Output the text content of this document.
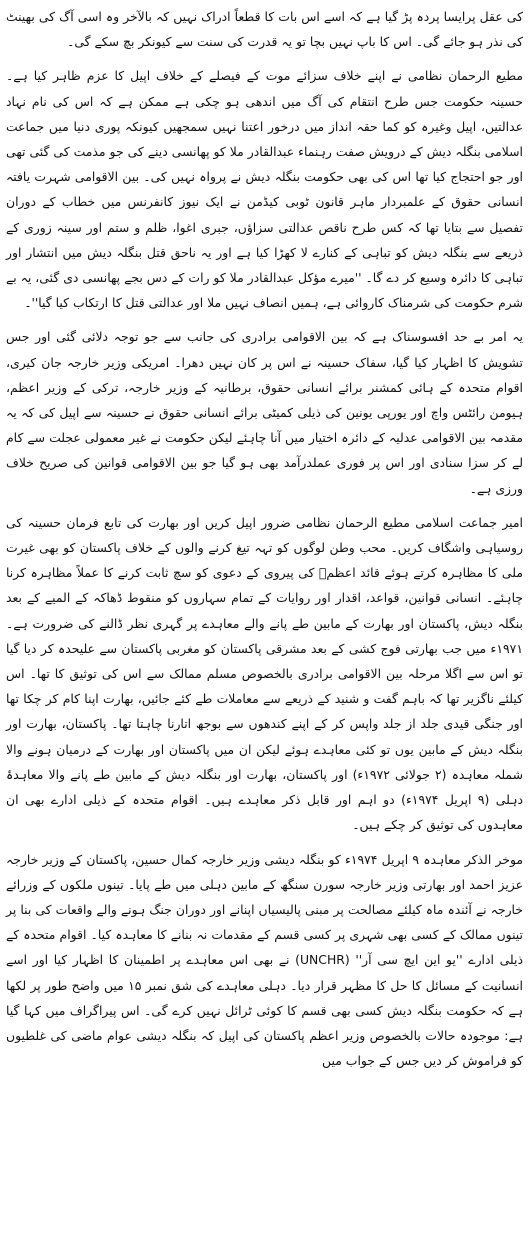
کی عقل پرایسا پردہ پڑ گیا ہے کہ اسے اس بات کا قطعاً ادراک نہیں کہ بالآخر وہ اسی آگ کی بھینٹ کی نذر ہو جائے گی۔ اس کا باپ نہیں بچا تو یہ قدرت کی سنت سے کیونکر بچ سکے گی۔

مطیع الرحمان نظامی نے اپنے خلاف سزائے موت کے فیصلے کے خلاف اپیل کا عزم ظاہر کیا ہے۔ حسینہ حکومت جس طرح انتقام کی آگ میں اندھی ہو چکی ہے ممکن ہے کہ اس کی نام نہاد عدالتیں، اپیل وغیرہ کو کما حقہ انداز میں درخور اعتنا نہیں سمجھیں کیونکہ پوری دنیا میں جماعت اسلامی بنگلہ دیش کے درویش صفت رہنماء عبدالقادر ملا کو پھانسی دینے کی جو مذمت کی گئی تھی اور جو احتجاج کیا تھا اس کی بھی حکومت بنگلہ دیش نے پرواہ نہیں کی۔ بین الاقوامی شہرت یافتہ انسانی حقوق کے علمبردار ماہر قانون ٹوبی کیڈمن نے ایک نیوز کانفرنس میں خطاب کے دوران تفصیل سے بتایا تھا کہ کس طرح ناقص عدالتی سزاؤں، جبری اغوا، ظلم و ستم اور سینہ زوری کے ذریعے سے بنگلہ دیش کو تباہی کے کنارے لا کھڑا کیا ہے اور یہ ناحق قتل بنگلہ دیش میں انتشار اور تباہی کا دائرہ وسیع کر دے گا۔ ''میرے مؤکل عبدالقادر ملا کو رات کے دس بجے پھانسی دی گئی، یہ بے شرم حکومت کی شرمناک کاروائی ہے، ہمیں انصاف نہیں ملا اور عدالتی قتل کا ارتکاب کیا گیا''۔

یہ امر بے حد افسوسناک ہے کہ بین الاقوامی برادری کی جانب سے جو توجہ دلائی گئی اور جس تشویش کا اظہار کیا گیا، سفاک حسینہ نے اس پر کان نہیں دھرا۔ امریکی وزیر خارجہ جان کیری، اقوام متحدہ کے ہائی کمشنر برائے انسانی حقوق، برطانیہ کے وزیر خارجہ، ترکی کے وزیر اعظم، ہیومن رائٹس واچ اور یورپی یونین کی ذیلی کمیٹی برائے انسانی حقوق نے حسینہ سے اپیل کی کہ یہ مقدمہ بین الاقوامی عدلیہ کے دائرہ اختیار میں آنا چاہئے لیکن حکومت نے غیر معمولی عجلت سے کام لے کر سزا سنادی اور اس پر فوری عملدرآمد بھی ہو گیا جو بین الاقوامی قوانین کی صریح خلاف ورزی ہے۔

امیر جماعت اسلامی مطیع الرحمان نظامی ضرور اپیل کریں اور بھارت کی تابع فرمان حسینہ کی روسیاہی واشگاف کریں۔ محب وطن لوگوں کو تہہ تیغ کرنے والوں کے خلاف پاکستان کو بھی غیرت ملی کا مظاہرہ کرتے ہوئے قائد اعظمؒ کی پیروی کے دعوی کو سچ ثابت کرنے کا عملاً مظاہرہ کرنا چاہئے۔ انسانی قوانین، قواعد، اقدار اور روایات کے تمام سہاروں کو منقوط ڈھاکہ کے المیے کے بعد بنگلہ دیش، پاکستان اور بھارت کے مابین طے پانے والے معاہدے پر گہری نظر ڈالنے کی ضرورت ہے۔ ۱۹۷۱ء میں جب بھارتی فوج کشی کے بعد مشرقی پاکستان کو مغربی پاکستان سے علیحدہ کر دیا گیا تو اس سے اگلا مرحلہ بین الاقوامی برادری بالخصوص مسلم ممالک سے اس کی توثیق کا تھا۔ اس کیلئے ناگزیر تھا کہ باہم گفت و شنید کے ذریعے سے معاملات طے کئے جائیں، بھارت اپنا کام کر چکا تھا اور جنگی قیدی جلد از جلد واپس کر کے اپنے کندھوں سے بوجھ اتارنا چاہتا تھا۔ پاکستان، بھارت اور بنگلہ دیش کے مابین یوں تو کئی معاہدے ہوئے لیکن ان میں پاکستان اور بھارت کے درمیان ہونے والا شملہ معاہدہ (۲ جولائی ۱۹۷۲ء) اور پاکستان، بھارت اور بنگلہ دیش کے مابین طے پانے والا معاہدۂ دہلی (۹ اپریل ۱۹۷۴ء) دو اہم اور قابل ذکر معاہدے ہیں۔ اقوام متحدہ کے ذیلی ادارے بھی ان معاہدوں کی توثیق کر چکے ہیں۔

موخر الذکر معاہدہ ۹ اپریل ۱۹۷۴ء کو بنگلہ دیشی وزیر خارجہ کمال حسین، پاکستان کے وزیر خارجہ عزیز احمد اور بھارتی وزیر خارجہ سورن سنگھ کے مابین دہلی میں طے پایا۔ تینوں ملکوں کے وزرائے خارجہ نے آئندہ ماہ کیلئے مصالحت پر مبنی پالیسیاں اپنانے اور دوران جنگ ہونے والے واقعات کی بنا پر تینوں ممالک کے کسی بھی شہری پر کسی قسم کے مقدمات نہ بنانے کا معاہدہ کیا۔ اقوام متحدہ کے ذیلی ادارے ''یو این ایچ سی آر'' (UNCHR) نے بھی اس معاہدے پر اطمینان کا اظہار کیا اور اسے انسانیت کے مسائل کا حل کا مظہر قرار دیا۔ دہلی معاہدے کی شق نمبر ۱۵ میں واضح طور پر لکھا ہے کہ حکومت بنگلہ دیش کسی بھی قسم کا کوئی ٹرائل نہیں کرے گی۔ اس پیراگراف میں کہا گیا ہے: موجودہ حالات بالخصوص وزیر اعظم پاکستان کی اپیل کہ بنگلہ دیشی عوام ماضی کی غلطیوں کو فراموش کر دیں جس کے جواب میں
